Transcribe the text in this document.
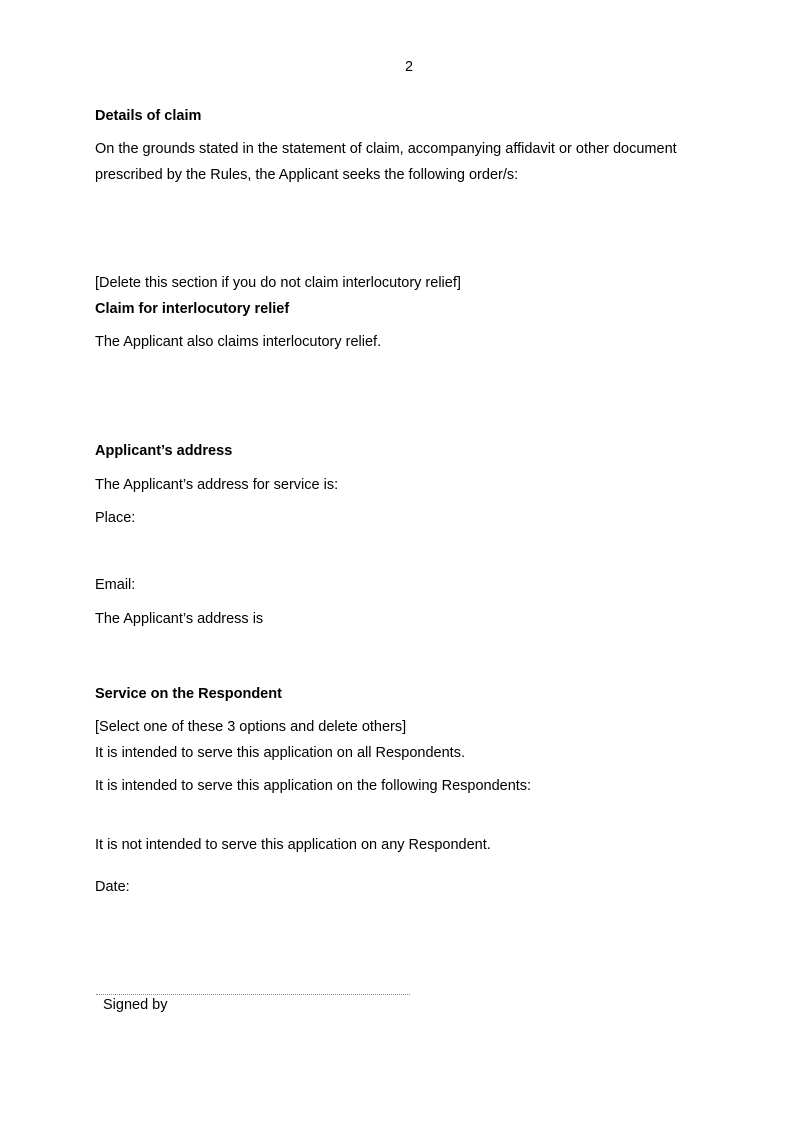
2
Details of claim
On the grounds stated in the statement of claim, accompanying affidavit or other document prescribed by the Rules, the Applicant seeks the following order/s:
[Delete this section if you do not claim interlocutory relief]
Claim for interlocutory relief
The Applicant also claims interlocutory relief.
Applicant’s address
The Applicant’s address for service is:
Place:
Email:
The Applicant’s address is
Service on the Respondent
[Select one of these 3 options and delete others]
It is intended to serve this application on all Respondents.
It is intended to serve this application on the following Respondents:
It is not intended to serve this application on any Respondent.
Date:
Signed by
